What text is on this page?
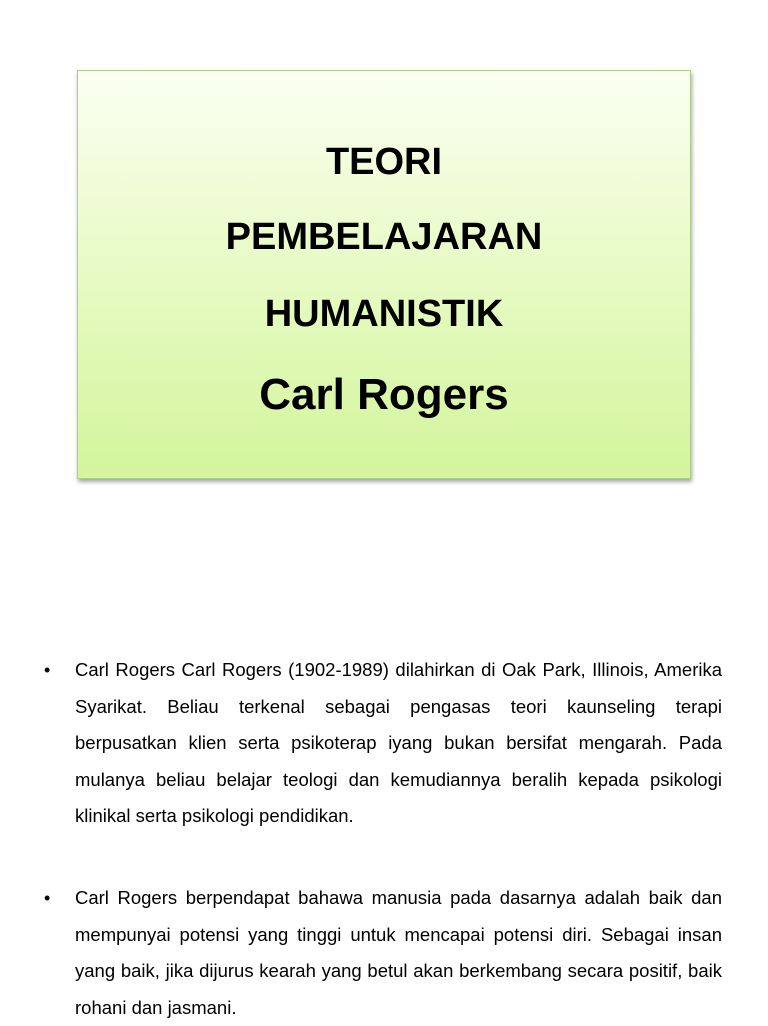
TEORI
PEMBELAJARAN
HUMANISTIK
Carl Rogers
•	Carl Rogers Carl Rogers (1902-1989) dilahirkan di Oak Park, Illinois, Amerika Syarikat. Beliau terkenal sebagai pengasas teori kaunseling terapi berpusatkan klien serta psikoterap iyang bukan bersifat mengarah. Pada mulanya beliau belajar teologi dan kemudiannya beralih kepada psikologi klinikal serta psikologi pendidikan.
•	Carl Rogers berpendapat bahawa manusia pada dasarnya adalah baik dan mempunyai potensi yang tinggi untuk mencapai potensi diri. Sebagai insan yang baik, jika dijurus kearah yang betul akan berkembang secara positif, baik rohani dan jasmani.
